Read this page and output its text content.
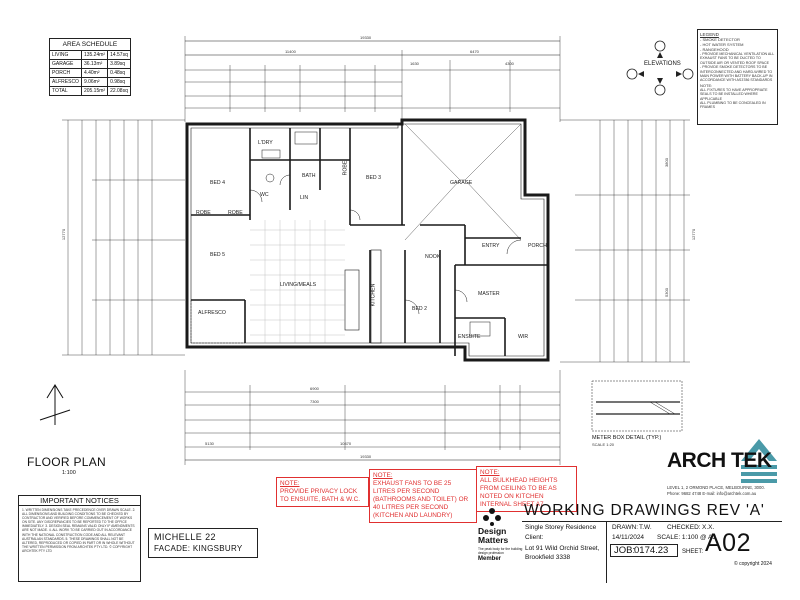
AREA SCHEDULE		
LIVING	135.24m²	14.57sq
GARAGE	36.13m²	3.89sq
PORCH	4.40m²	0.48sq
ALFRESCO	9.06m²	0.98sq
TOTAL	205.15m²	22.08sq
LEGEND
- SMOKE DETECTOR
- HOT WATER SYSTEM
- RANGEHOOD
- PROVIDE MECHANICAL VENTILATION ALL EXHAUST FANS TO BE DUCTED TO OUTSIDE AIR OR VENTED ROOF SPACE
- PROVIDE SMOKE DETECTORS TO BE INTERCONNECTED AND HARD-WIRED TO MAIN POWER WITH BATTERY BACK-UP IN ACCORDANCE WITH AS3786 STANDARDS
NOTE:
ALL FIXTURES TO HAVE APPROPRIATE SEALS TO BE INSTALLED WHERE APPLICABLE
ALL PLUMBING TO BE CONCEALED IN FRAMES
ELEVATIONS
19330
11400	6470
1630	4300
19330
6900
7300
10470
5130
12770	12770
3800
5300
BED 4
BED 5
BATH	BED 3
GARAGE
LIVING/MEALS	KITCHEN
BED 2
MASTER
ENSUITE	WIR
ALFRESCO
ENTRY	PORCH
ROBE	ROBE
ROBE
NOOK
L'DRY
WC	LIN
FLOOR PLAN
1:100
METER BOX DETAIL (TYP.)
SCALE 1:20
IMPORTANT NOTICES
1. WRITTEN DIMENSIONS TAKE PRECEDENCE OVER DRAWN SCALE. 2. ALL DIMENSIONS AND BUILDING CONDITIONS TO BE CHECKED BY CONTRACTOR AND VERIFIED BEFORE COMMENCEMENT OF WORKS ON SITE. ANY DISCREPANCIES TO BE REPORTED TO THE OFFICE IMMEDIATELY. 3. DESIGN SEAL REMAINS VALID ONLY IF AMENDMENTS ARE NOT MADE. 4. ALL WORK TO BE CARRIED OUT IN ACCORDANCE WITH THE NATIONAL CONSTRUCTION CODE AND ALL RELEVANT AUSTRALIAN STANDARDS. 5. THESE DRAWINGS SHALL NOT BE ALTERED, REPRODUCED OR COPIED IN PART OR IN WHOLE WITHOUT THE WRITTEN PERMISSION FROM ARCHTEK PTY LTD. © COPYRIGHT ARCHTEK PTY LTD
MICHELLE 22
FACADE: KINGSBURY
NOTE:
PROVIDE PRIVACY LOCK TO ENSUITE, BATH & W.C.
NOTE:
EXHAUST FANS TO BE 25 LITRES PER SECOND (BATHROOMS AND TOILET) OR 40 LITRES PER SECOND (KITCHEN AND LAUNDRY)
NOTE:
ALL BULKHEAD HEIGHTS FROM CEILING TO BE AS NOTED ON KITCHEN INTERNAL SHEET A7
Design Matters
The peak body for the building design profession
Member
WORKING DRAWINGS REV 'A'
Single Storey Residence
Client:
Lot 91 Wild Orchid Street, Brookfield 3338
DRAWN: T.W. CHECKED: X.X.
14/11/2024 SCALE: 1:100 @ A3
JOB:
0174.23 SHEET: A02
© copyright 2024
ARCH TEK
LEVEL 1, 2 ORMOND PLACE, MELBOURNE, 3000.
Phone: 9682 4748 E-mail: info@archtek.com.au
